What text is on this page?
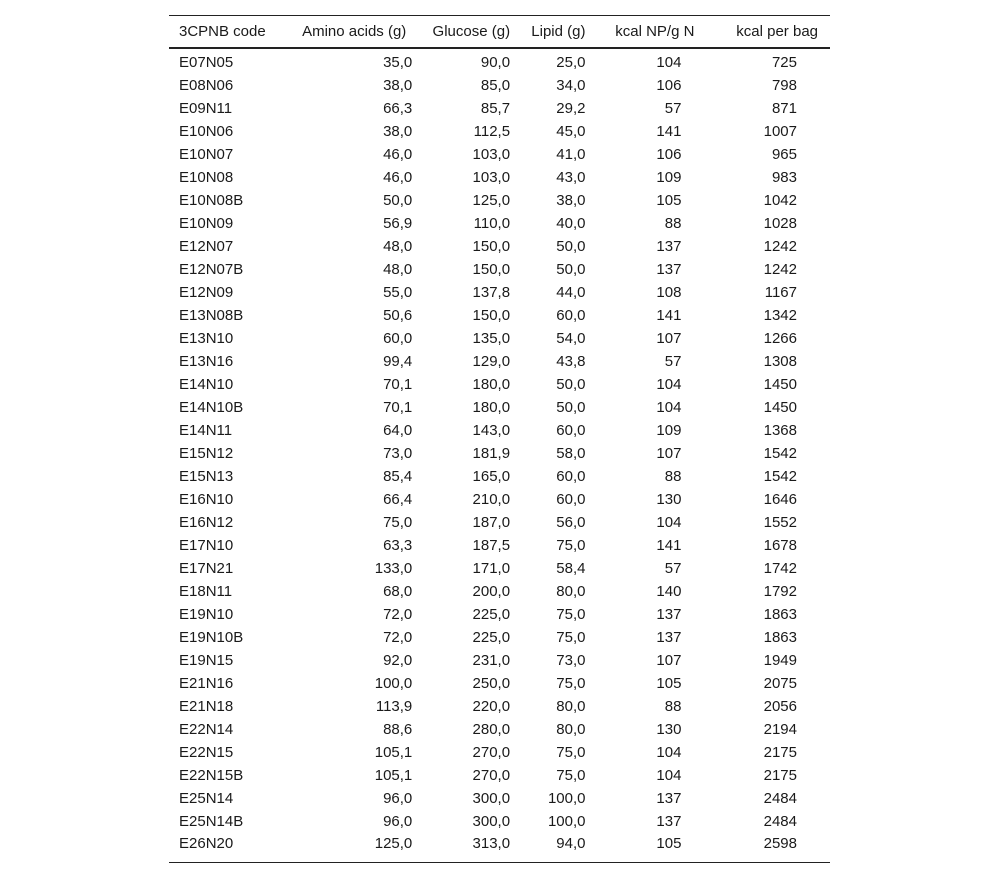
3CPNB code	Amino acids (g)	Glucose (g)	Lipid (g)	kcal NP/g N	kcal per bag
E07N05	35,0	90,0	25,0	104	725
E08N06	38,0	85,0	34,0	106	798
E09N11	66,3	85,7	29,2	57	871
E10N06	38,0	112,5	45,0	141	1007
E10N07	46,0	103,0	41,0	106	965
E10N08	46,0	103,0	43,0	109	983
E10N08B	50,0	125,0	38,0	105	1042
E10N09	56,9	110,0	40,0	88	1028
E12N07	48,0	150,0	50,0	137	1242
E12N07B	48,0	150,0	50,0	137	1242
E12N09	55,0	137,8	44,0	108	1167
E13N08B	50,6	150,0	60,0	141	1342
E13N10	60,0	135,0	54,0	107	1266
E13N16	99,4	129,0	43,8	57	1308
E14N10	70,1	180,0	50,0	104	1450
E14N10B	70,1	180,0	50,0	104	1450
E14N11	64,0	143,0	60,0	109	1368
E15N12	73,0	181,9	58,0	107	1542
E15N13	85,4	165,0	60,0	88	1542
E16N10	66,4	210,0	60,0	130	1646
E16N12	75,0	187,0	56,0	104	1552
E17N10	63,3	187,5	75,0	141	1678
E17N21	133,0	171,0	58,4	57	1742
E18N11	68,0	200,0	80,0	140	1792
E19N10	72,0	225,0	75,0	137	1863
E19N10B	72,0	225,0	75,0	137	1863
E19N15	92,0	231,0	73,0	107	1949
E21N16	100,0	250,0	75,0	105	2075
E21N18	113,9	220,0	80,0	88	2056
E22N14	88,6	280,0	80,0	130	2194
E22N15	105,1	270,0	75,0	104	2175
E22N15B	105,1	270,0	75,0	104	2175
E25N14	96,0	300,0	100,0	137	2484
E25N14B	96,0	300,0	100,0	137	2484
E26N20	125,0	313,0	94,0	105	2598
